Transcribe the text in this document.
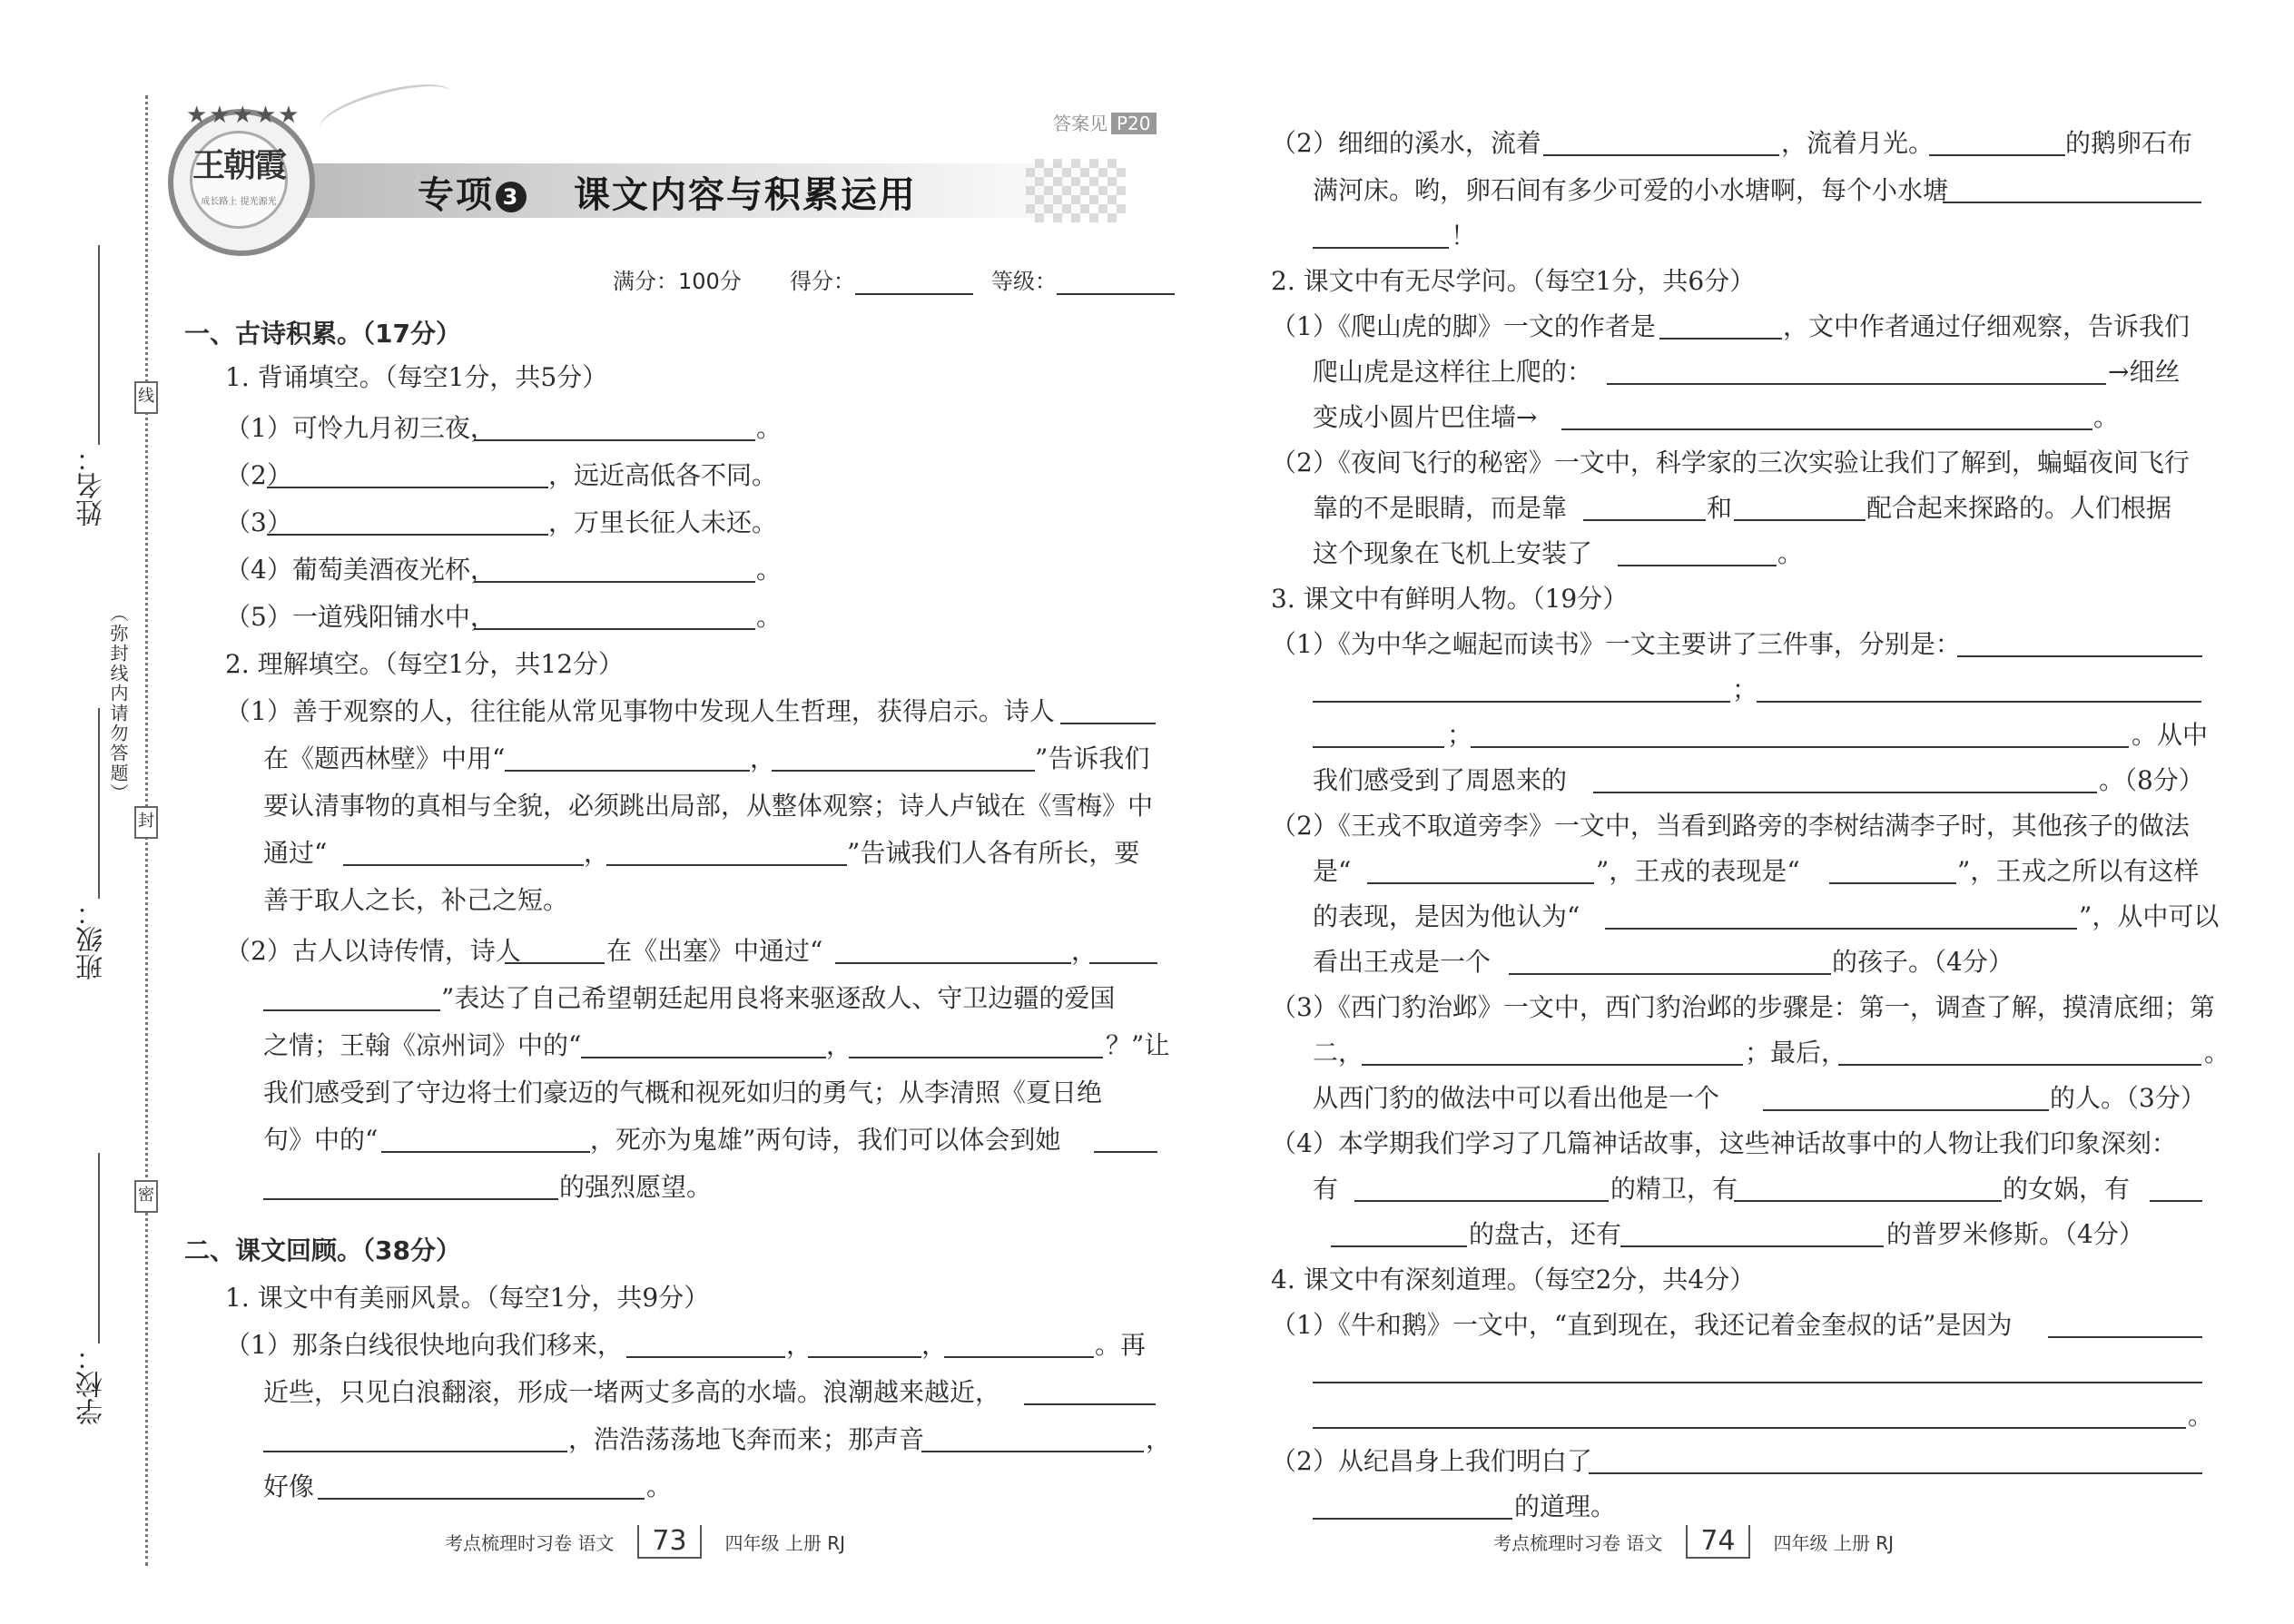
线
封
密
（弥封线内请勿答题）
姓名：
班级：
学校：
王朝霞
成长路上 提光源光
★★★★★	答案见 P20
专项 3 课文内容与积累运用
满分：100分 得分：	等级：
一、古诗积累。（17分）
1. 背诵填空。（每空1分，共5分）
（1）可怜九月初三夜，	。
（2）	，远近高低各不同。
（3）	，万里长征人未还。
（4）葡萄美酒夜光杯，	。
（5）一道残阳铺水中，	。
2. 理解填空。（每空1分，共12分）
（1）善于观察的人，往往能从常见事物中发现人生哲理，获得启示。诗人
在《题西林壁》中用“	，	”告诉我们
要认清事物的真相与全貌，必须跳出局部，从整体观察；诗人卢钺在《雪梅》中
通过“	，	”告诫我们人各有所长，要
善于取人之长，补己之短。
（2）古人以诗传情，诗人	在《出塞》中通过“	，
”表达了自己希望朝廷起用良将来驱逐敌人、守卫边疆的爱国
之情；王翰《凉州词》中的“	，	？”让
我们感受到了守边将士们豪迈的气概和视死如归的勇气；从李清照《夏日绝
句》中的“	，死亦为鬼雄”两句诗，我们可以体会到她
的强烈愿望。
二、课文回顾。（38分）
1. 课文中有美丽风景。（每空1分，共9分）
（1）那条白线很快地向我们移来，	，	，	。再
近些，只见白浪翻滚，形成一堵两丈多高的水墙。浪潮越来越近，
，浩浩荡荡地飞奔而来；那声音	，
好像	。
考点梳理时习卷 语文 73 四年级 上册 RJ
（2）细细的溪水，流着	，流着月光。	的鹅卵石布
满河床。哟，卵石间有多少可爱的小水塘啊，每个小水塘
！
2. 课文中有无尽学问。（每空1分，共6分）
（1）《爬山虎的脚》一文的作者是	，文中作者通过仔细观察，告诉我们
爬山虎是这样往上爬的：	→细丝
变成小圆片巴住墙→	。
（2）《夜间飞行的秘密》一文中，科学家的三次实验让我们了解到，蝙蝠夜间飞行
靠的不是眼睛，而是靠	和	配合起来探路的。人们根据
这个现象在飞机上安装了	。
3. 课文中有鲜明人物。（19分）
（1）《为中华之崛起而读书》一文主要讲了三件事，分别是：
；
；	。从中
我们感受到了周恩来的	。（8分）
（2）《王戎不取道旁李》一文中，当看到路旁的李树结满李子时，其他孩子的做法
是“	”，王戎的表现是“	”，王戎之所以有这样
的表现，是因为他认为“	”，从中可以
看出王戎是一个	的孩子。（4分）
（3）《西门豹治邺》一文中，西门豹治邺的步骤是：第一，调查了解，摸清底细；第
二，	；最后，	。
从西门豹的做法中可以看出他是一个	的人。（3分）
（4）本学期我们学习了几篇神话故事，这些神话故事中的人物让我们印象深刻：
有	的精卫，有	的女娲，有
的盘古，还有	的普罗米修斯。（4分）
4. 课文中有深刻道理。（每空2分，共4分）
（1）《牛和鹅》一文中，“直到现在，我还记着金奎叔的话”是因为
。
（2）从纪昌身上我们明白了
的道理。
考点梳理时习卷 语文 74 四年级 上册 RJ
